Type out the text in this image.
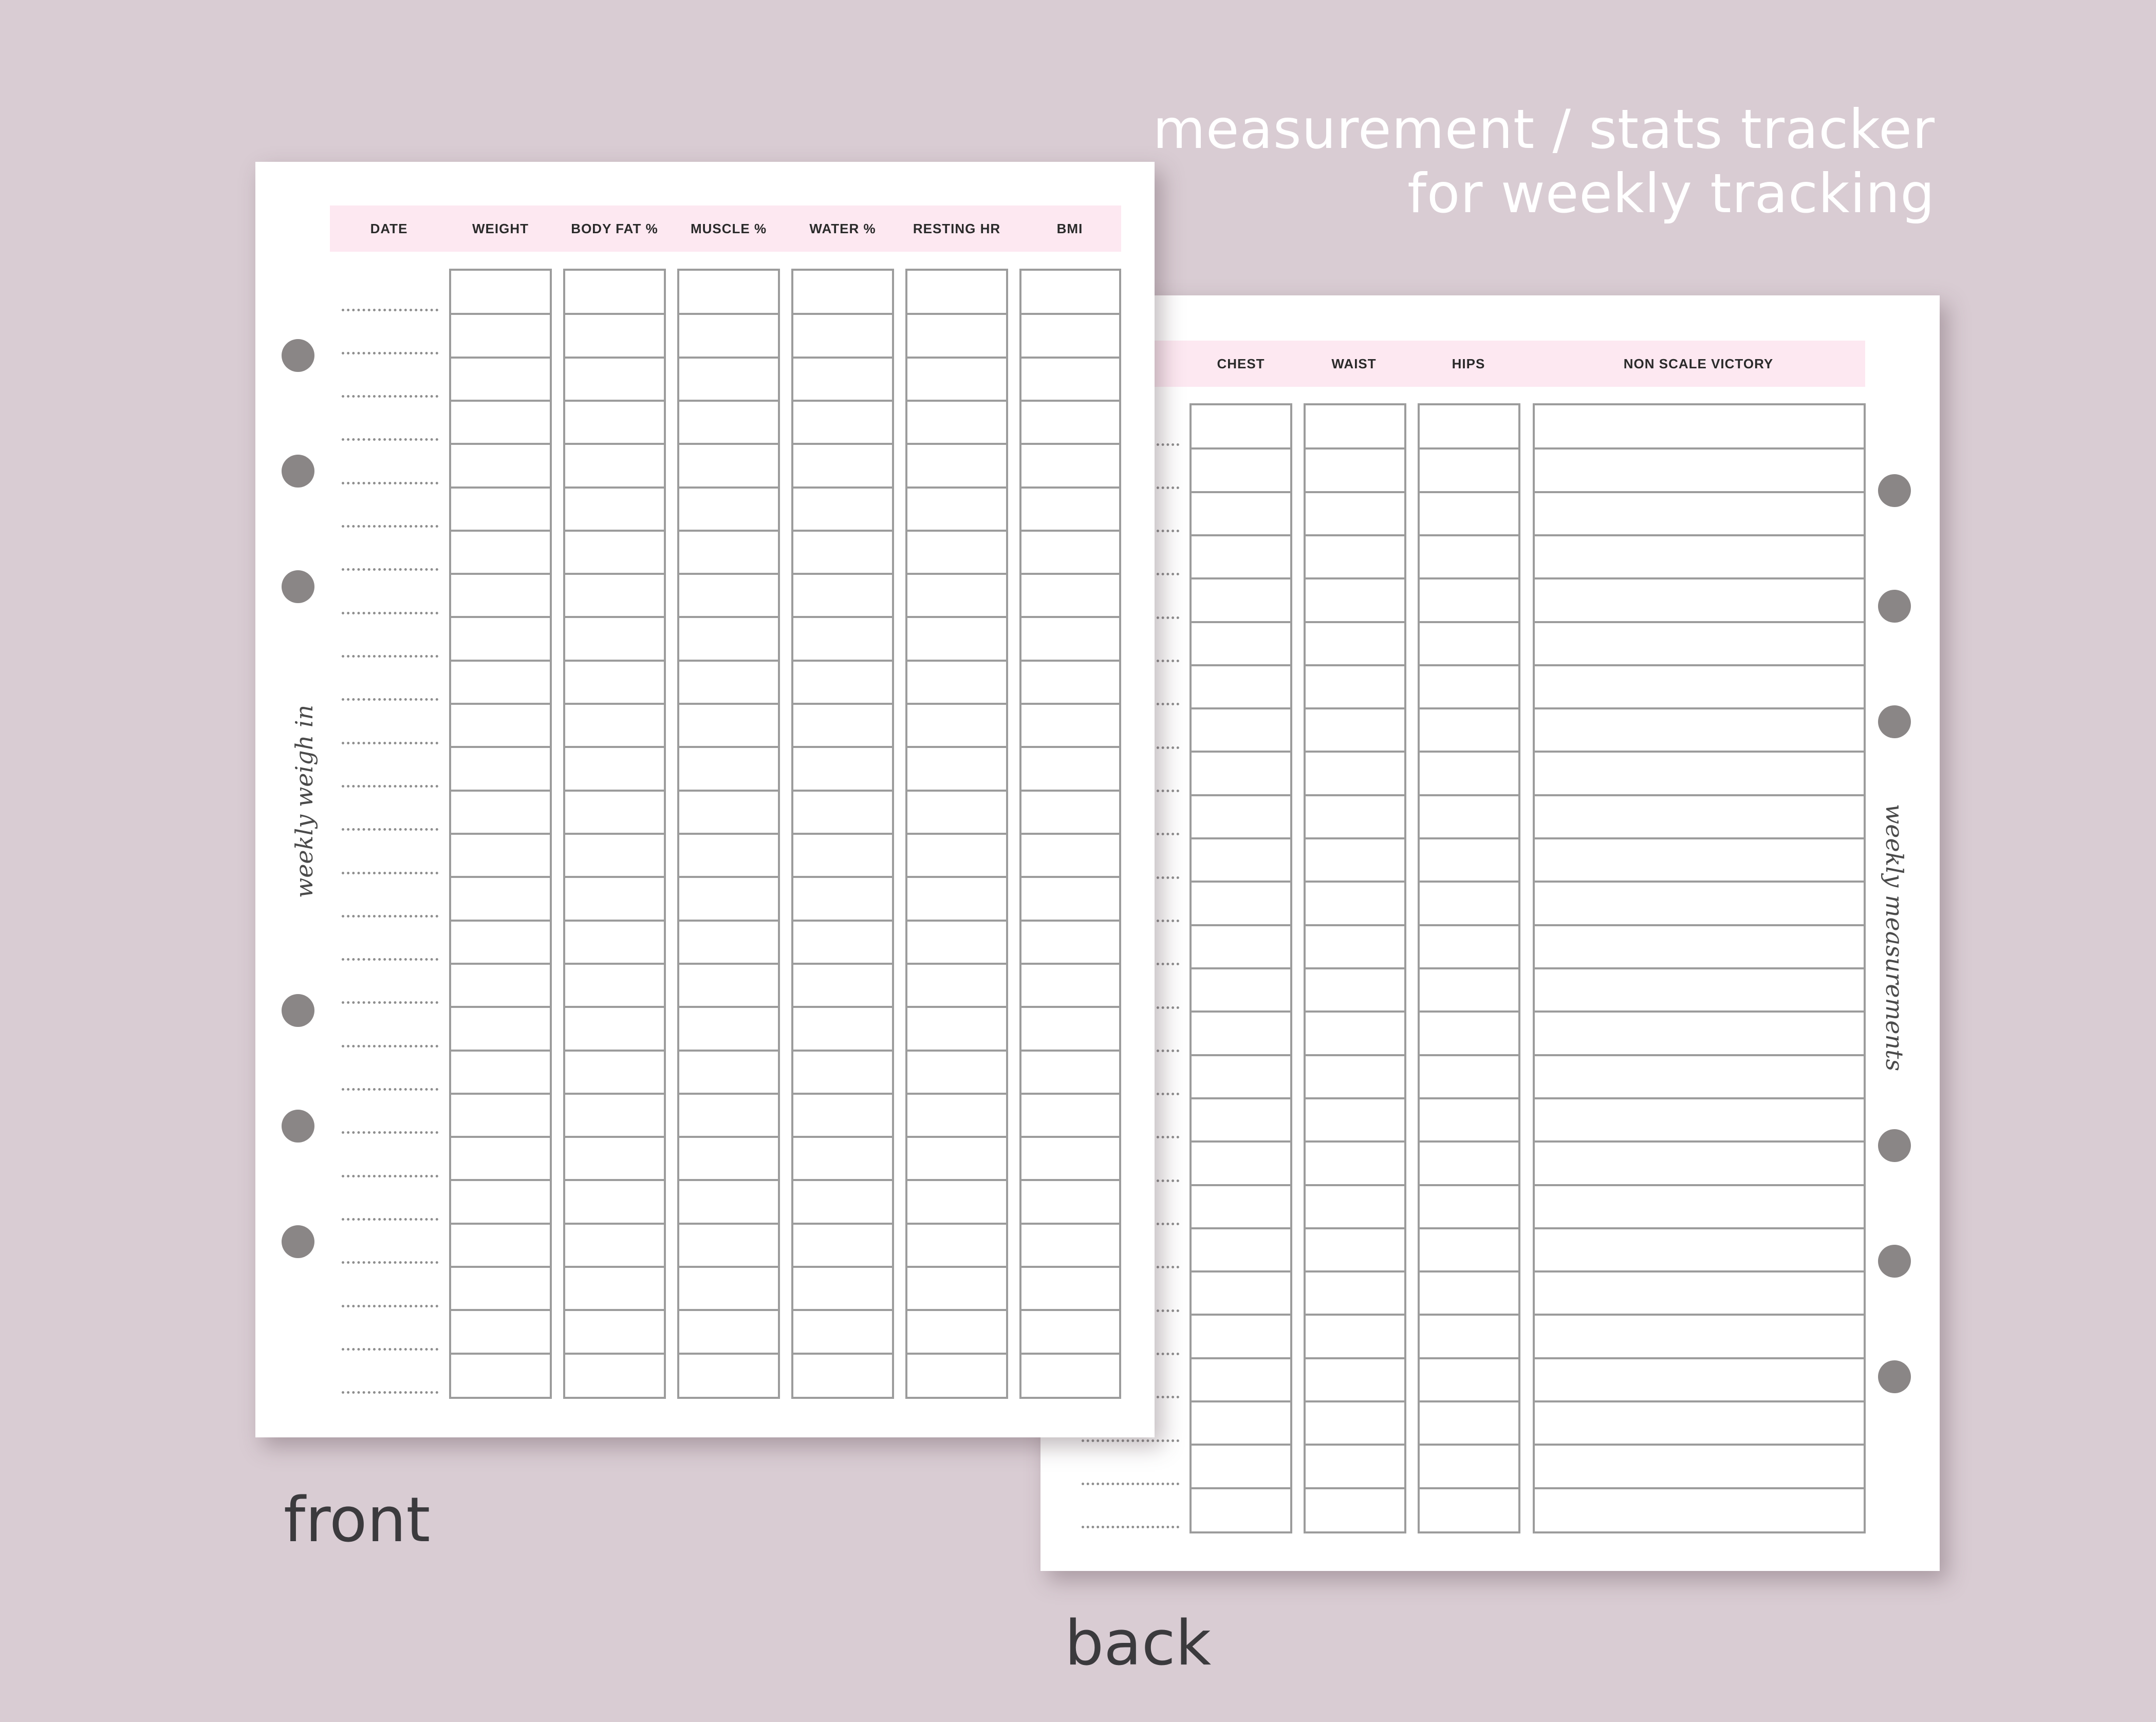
measurement / stats tracker
for weekly tracking
CHEST	WAIST	HIPS	NON SCALE VICTORY
weekly measurements
DATE	WEIGHT	BODY FAT %	MUSCLE %	WATER %	RESTING HR	BMI
weekly weigh in
front
back
